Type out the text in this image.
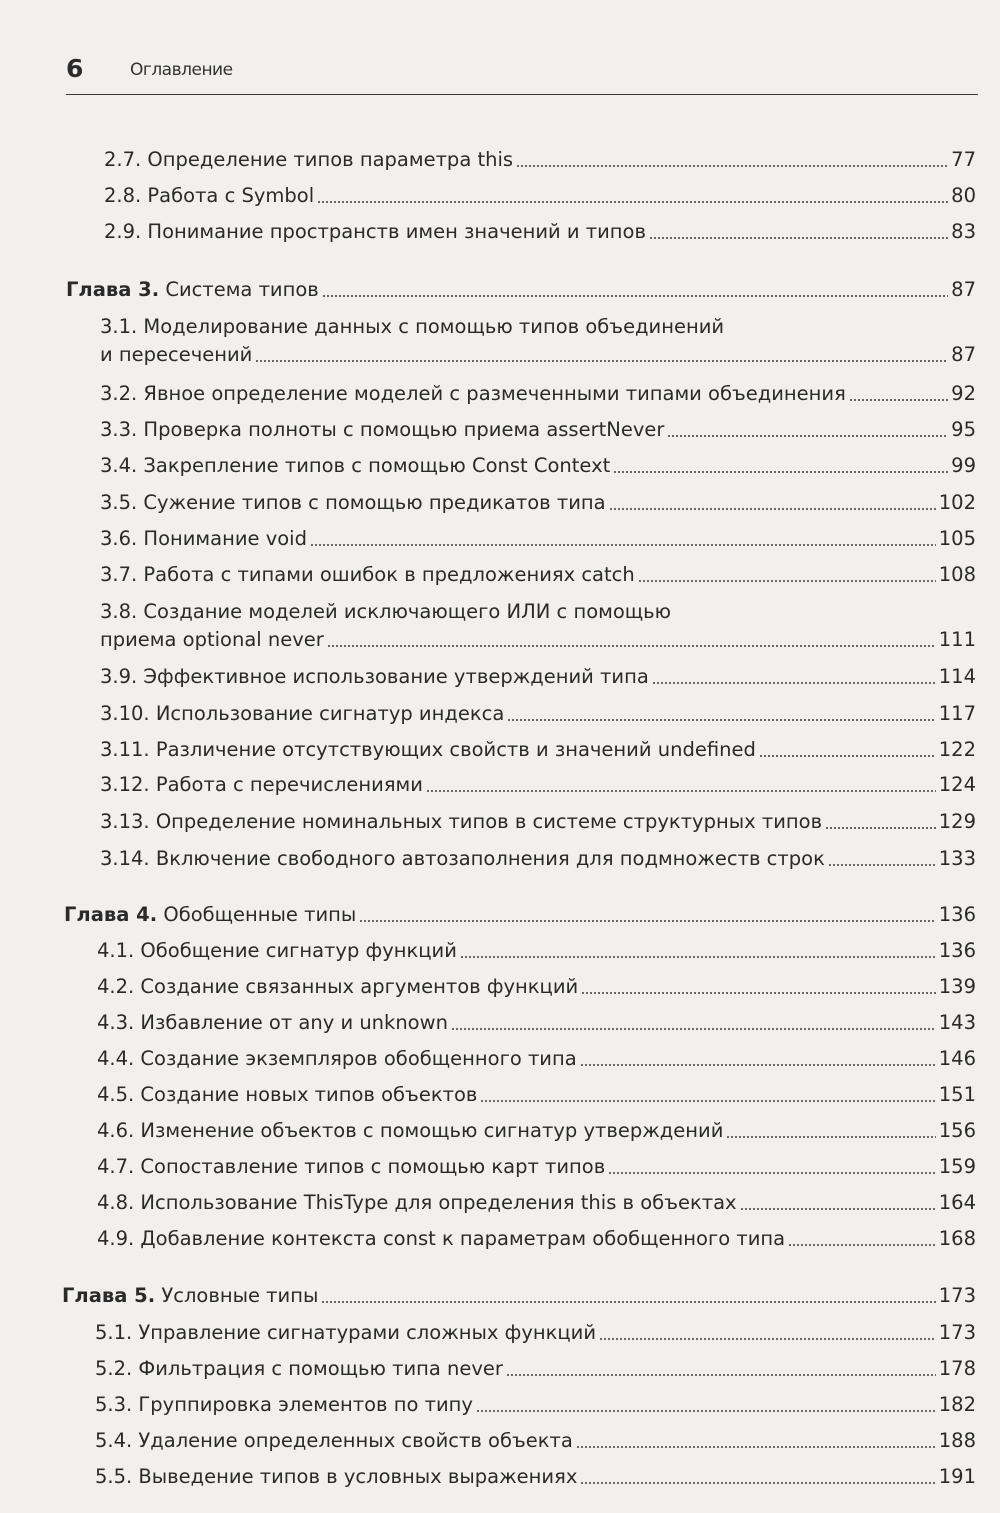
6	Оглавление
2.7. Определение типов параметра this	77
2.8. Работа с Symbol	80
2.9. Понимание пространств имен значений и типов	83
Глава 3. Система типов	87
3.1. Моделирование данных с помощью типов объединений
и пересечений	87
3.2. Явное определение моделей с размеченными типами объединения	92
3.3. Проверка полноты с помощью приема assertNever	95
3.4. Закрепление типов с помощью Const Context	99
3.5. Сужение типов с помощью предикатов типа	102
3.6. Понимание void	105
3.7. Работа с типами ошибок в предложениях catch	108
3.8. Создание моделей исключающего ИЛИ с помощью
приема optional never	111
3.9. Эффективное использование утверждений типа	114
3.10. Использование сигнатур индекса	117
3.11. Различение отсутствующих свойств и значений undefined	122
3.12. Работа с перечислениями	124
3.13. Определение номинальных типов в системе структурных типов	129
3.14. Включение свободного автозаполнения для подмножеств строк	133
Глава 4. Обобщенные типы	136
4.1. Обобщение сигнатур функций	136
4.2. Создание связанных аргументов функций	139
4.3. Избавление от any и unknown	143
4.4. Создание экземпляров обобщенного типа	146
4.5. Создание новых типов объектов	151
4.6. Изменение объектов с помощью сигнатур утверждений	156
4.7. Сопоставление типов с помощью карт типов	159
4.8. Использование ThisType для определения this в объектах	164
4.9. Добавление контекста const к параметрам обобщенного типа	168
Глава 5. Условные типы	173
5.1. Управление сигнатурами сложных функций	173
5.2. Фильтрация с помощью типа never	178
5.3. Группировка элементов по типу	182
5.4. Удаление определенных свойств объекта	188
5.5. Выведение типов в условных выражениях	191
